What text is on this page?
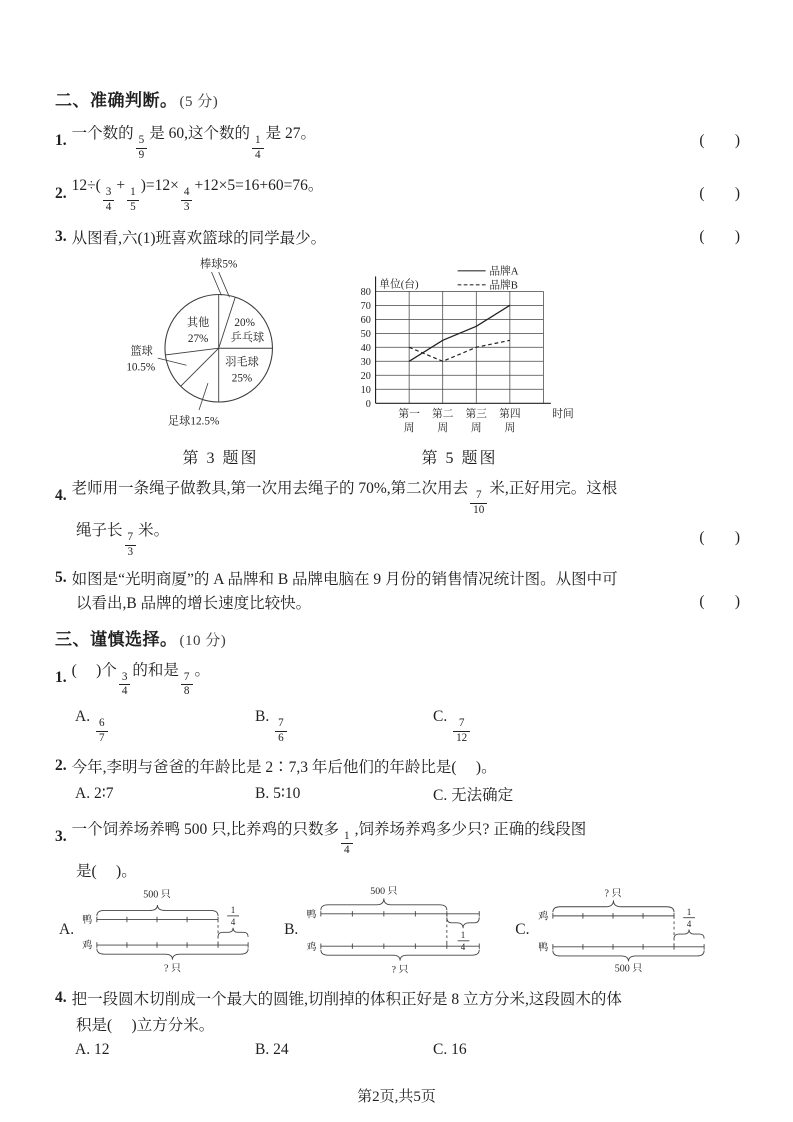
二、准确判断。 (5 分)
1. 一个数的
$\frac{5}{9}$
是 60,这个数的
$\frac{1}{4}$
是 27。	(      )
2. 12÷(
$\frac{3}{4}$
+
$\frac{1}{5}$
)=12×
$\frac{4}{3}$
+12×5=16+60=76。	(      )
3. 从图看,六(1)班喜欢篮球的同学最少。	(      )
棒球5%
其他
27%
20%
乒乓球
羽毛球
25%
篮球
10.5%
足球12.5%
第 3 题图
品牌A
品牌B
单位(台)
80
70
60
50
40
30
20
10
0
第一 第二 第三 第四
周 周 周 周
时间
第 5 题图
4. 老师用一条绳子做教具,第一次用去绳子的 70%,第二次用去
$\frac{7}{10}$
米,正好用完。这根
绳子长
$\frac{7}{3}$
米。	(      )
5. 如图是“光明商厦”的 A 品牌和 B 品牌电脑在 9 月份的销售情况统计图。从图中可
以看出,B 品牌的增长速度比较快。	(      )
三、谨慎选择。 (10 分)
1. (     )个
$\frac{3}{4}$
的和是
$\frac{7}{8}$
。
A.
$\frac{6}{7}$
B.
$\frac{7}{6}$
C.
$\frac{7}{12}$
2. 今年,李明与爸爸的年龄比是 2∶7,3 年后他们的年龄比是(     )。
A. 2∶7	B. 5∶10	C. 无法确定
3. 一个饲养场养鸭 500 只,比养鸡的只数多
$\frac{1}{4}$
,饲养场养鸡多少只? 正确的线段图
是(     )。
A.
鸭
鸡
500 只
? 只
1
4	B.
鸭
鸡
500 只
? 只
1
4
C.
鸡
鸭
? 只
500 只
1
4
4. 把一段圆木切削成一个最大的圆锥,切削掉的体积正好是 8 立方分米,这段圆木的体
积是(     )立方分米。
A. 12	B. 24	C. 16
第2页,共5页
